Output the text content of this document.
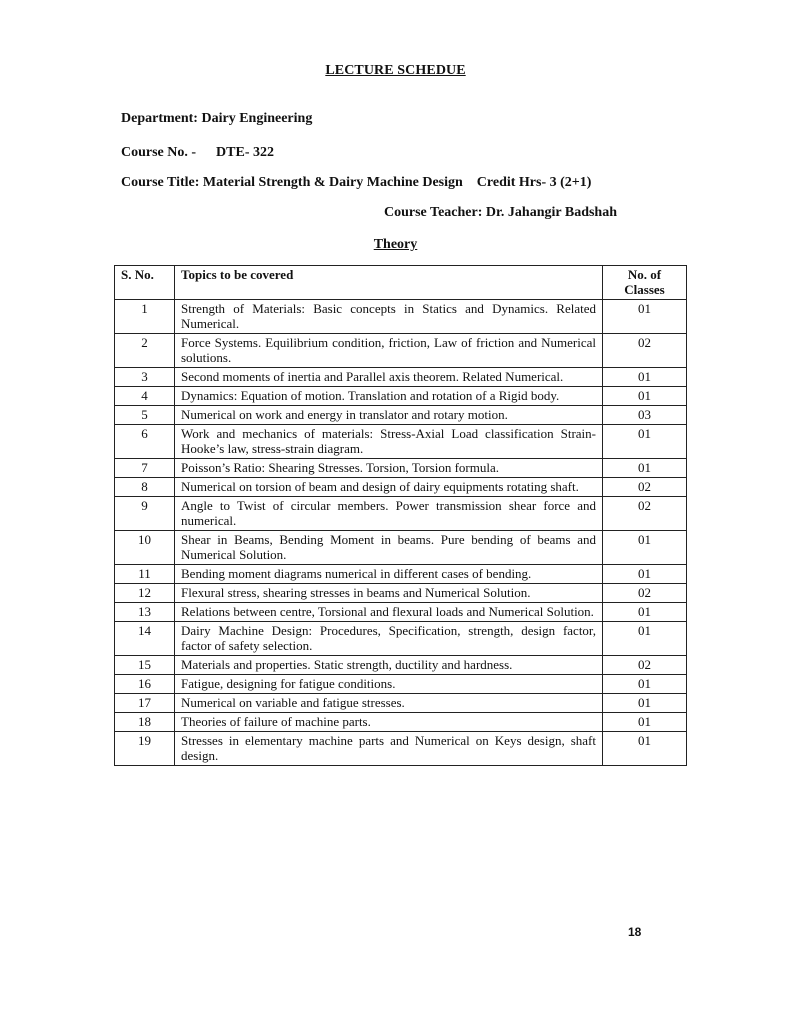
LECTURE SCHEDUE
Department: Dairy Engineering
Course No. - DTE- 322
Course Title: Material Strength & Dairy Machine Design Credit Hrs- 3 (2+1)
Course Teacher: Dr. Jahangir Badshah
Theory
S. No.	Topics to be covered	No. of Classes
1	Strength of Materials: Basic concepts in Statics and Dynamics. Related Numerical.	01
2	Force Systems. Equilibrium condition, friction, Law of friction and Numerical solutions.	02
3	Second moments of inertia and Parallel axis theorem. Related Numerical.	01
4	Dynamics: Equation of motion. Translation and rotation of a Rigid body.	01
5	Numerical on work and energy in translator and rotary motion.	03
6	Work and mechanics of materials: Stress-Axial Load classification Strain-Hooke’s law, stress-strain diagram.	01
7	Poisson’s Ratio: Shearing Stresses. Torsion, Torsion formula.	01
8	Numerical on torsion of beam and design of dairy equipments rotating shaft.	02
9	Angle to Twist of circular members. Power transmission shear force and numerical.	02
10	Shear in Beams, Bending Moment in beams. Pure bending of beams and Numerical Solution.	01
11	Bending moment diagrams numerical in different cases of bending.	01
12	Flexural stress, shearing stresses in beams and Numerical Solution.	02
13	Relations between centre, Torsional and flexural loads and Numerical Solution.	01
14	Dairy Machine Design: Procedures, Specification, strength, design factor, factor of safety selection.	01
15	Materials and properties. Static strength, ductility and hardness.	02
16	Fatigue, designing for fatigue conditions.	01
17	Numerical on variable and fatigue stresses.	01
18	Theories of failure of machine parts.	01
19	Stresses in elementary machine parts and Numerical on Keys design, shaft design.	01
18
